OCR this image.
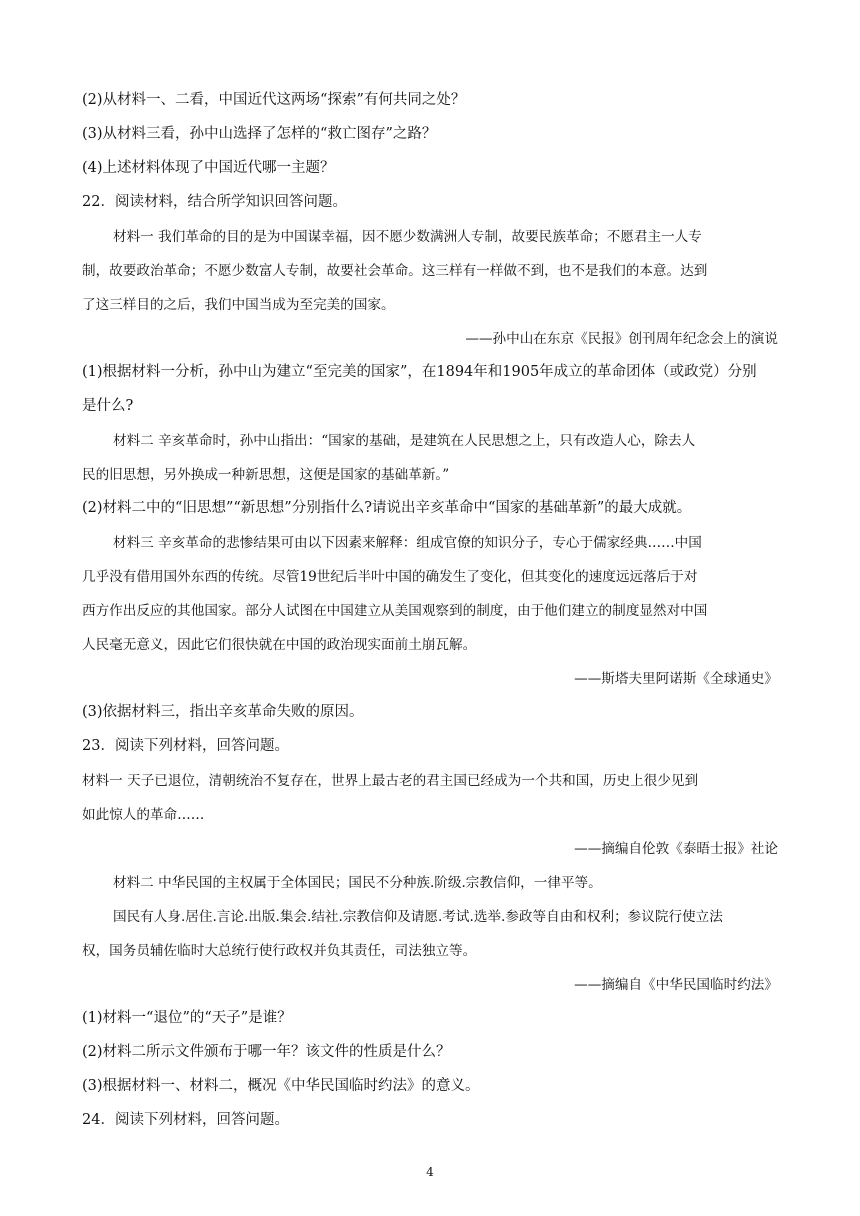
(2)从材料一、二看，中国近代这两场“探索”有何共同之处？
(3)从材料三看，孙中山选择了怎样的“救亡图存”之路？
(4)上述材料体现了中国近代哪一主题？
22．阅读材料，结合所学知识回答问题。
材料一 我们革命的目的是为中国谋幸福，因不愿少数满洲人专制，故要民族革命；不愿君主一人专
制，故要政治革命；不愿少数富人专制，故要社会革命。这三样有一样做不到，也不是我们的本意。达到
了这三样目的之后，我们中国当成为至完美的国家。
——孙中山在东京《民报》创刊周年纪念会上的演说
(1)根据材料一分析，孙中山为建立“至完美的国家”，在1894年和1905年成立的革命团体（或政党）分别
是什么?
材料二 辛亥革命时，孙中山指出：“国家的基础，是建筑在人民思想之上，只有改造人心，除去人
民的旧思想，另外换成一种新思想，这便是国家的基础革新。”
(2)材料二中的“旧思想”“新思想”分别指什么?请说出辛亥革命中“国家的基础革新”的最大成就。
材料三 辛亥革命的悲惨结果可由以下因素来解释：组成官僚的知识分子，专心于儒家经典……中国
几乎没有借用国外东西的传统。尽管19世纪后半叶中国的确发生了变化，但其变化的速度远远落后于对
西方作出反应的其他国家。部分人试图在中国建立从美国观察到的制度，由于他们建立的制度显然对中国
人民毫无意义，因此它们很快就在中国的政治现实面前土崩瓦解。
——斯塔夫里阿诺斯《全球通史》
(3)依据材料三，指出辛亥革命失败的原因。
23．阅读下列材料，回答问题。
材料一 天子已退位，清朝统治不复存在，世界上最古老的君主国已经成为一个共和国，历史上很少见到
如此惊人的革命……
——摘编自伦敦《泰晤士报》社论
材料二 中华民国的主权属于全体国民；国民不分种族.阶级.宗教信仰，一律平等。
国民有人身.居住.言论.出版.集会.结社.宗教信仰及请愿.考试.选举.参政等自由和权利；参议院行使立法
权，国务员辅佐临时大总统行使行政权并负其责任，司法独立等。
——摘编自《中华民国临时约法》
(1)材料一“退位”的“天子”是谁？
(2)材料二所示文件颁布于哪一年？该文件的性质是什么？
(3)根据材料一、材料二，概况《中华民国临时约法》的意义。
24．阅读下列材料，回答问题。
4
